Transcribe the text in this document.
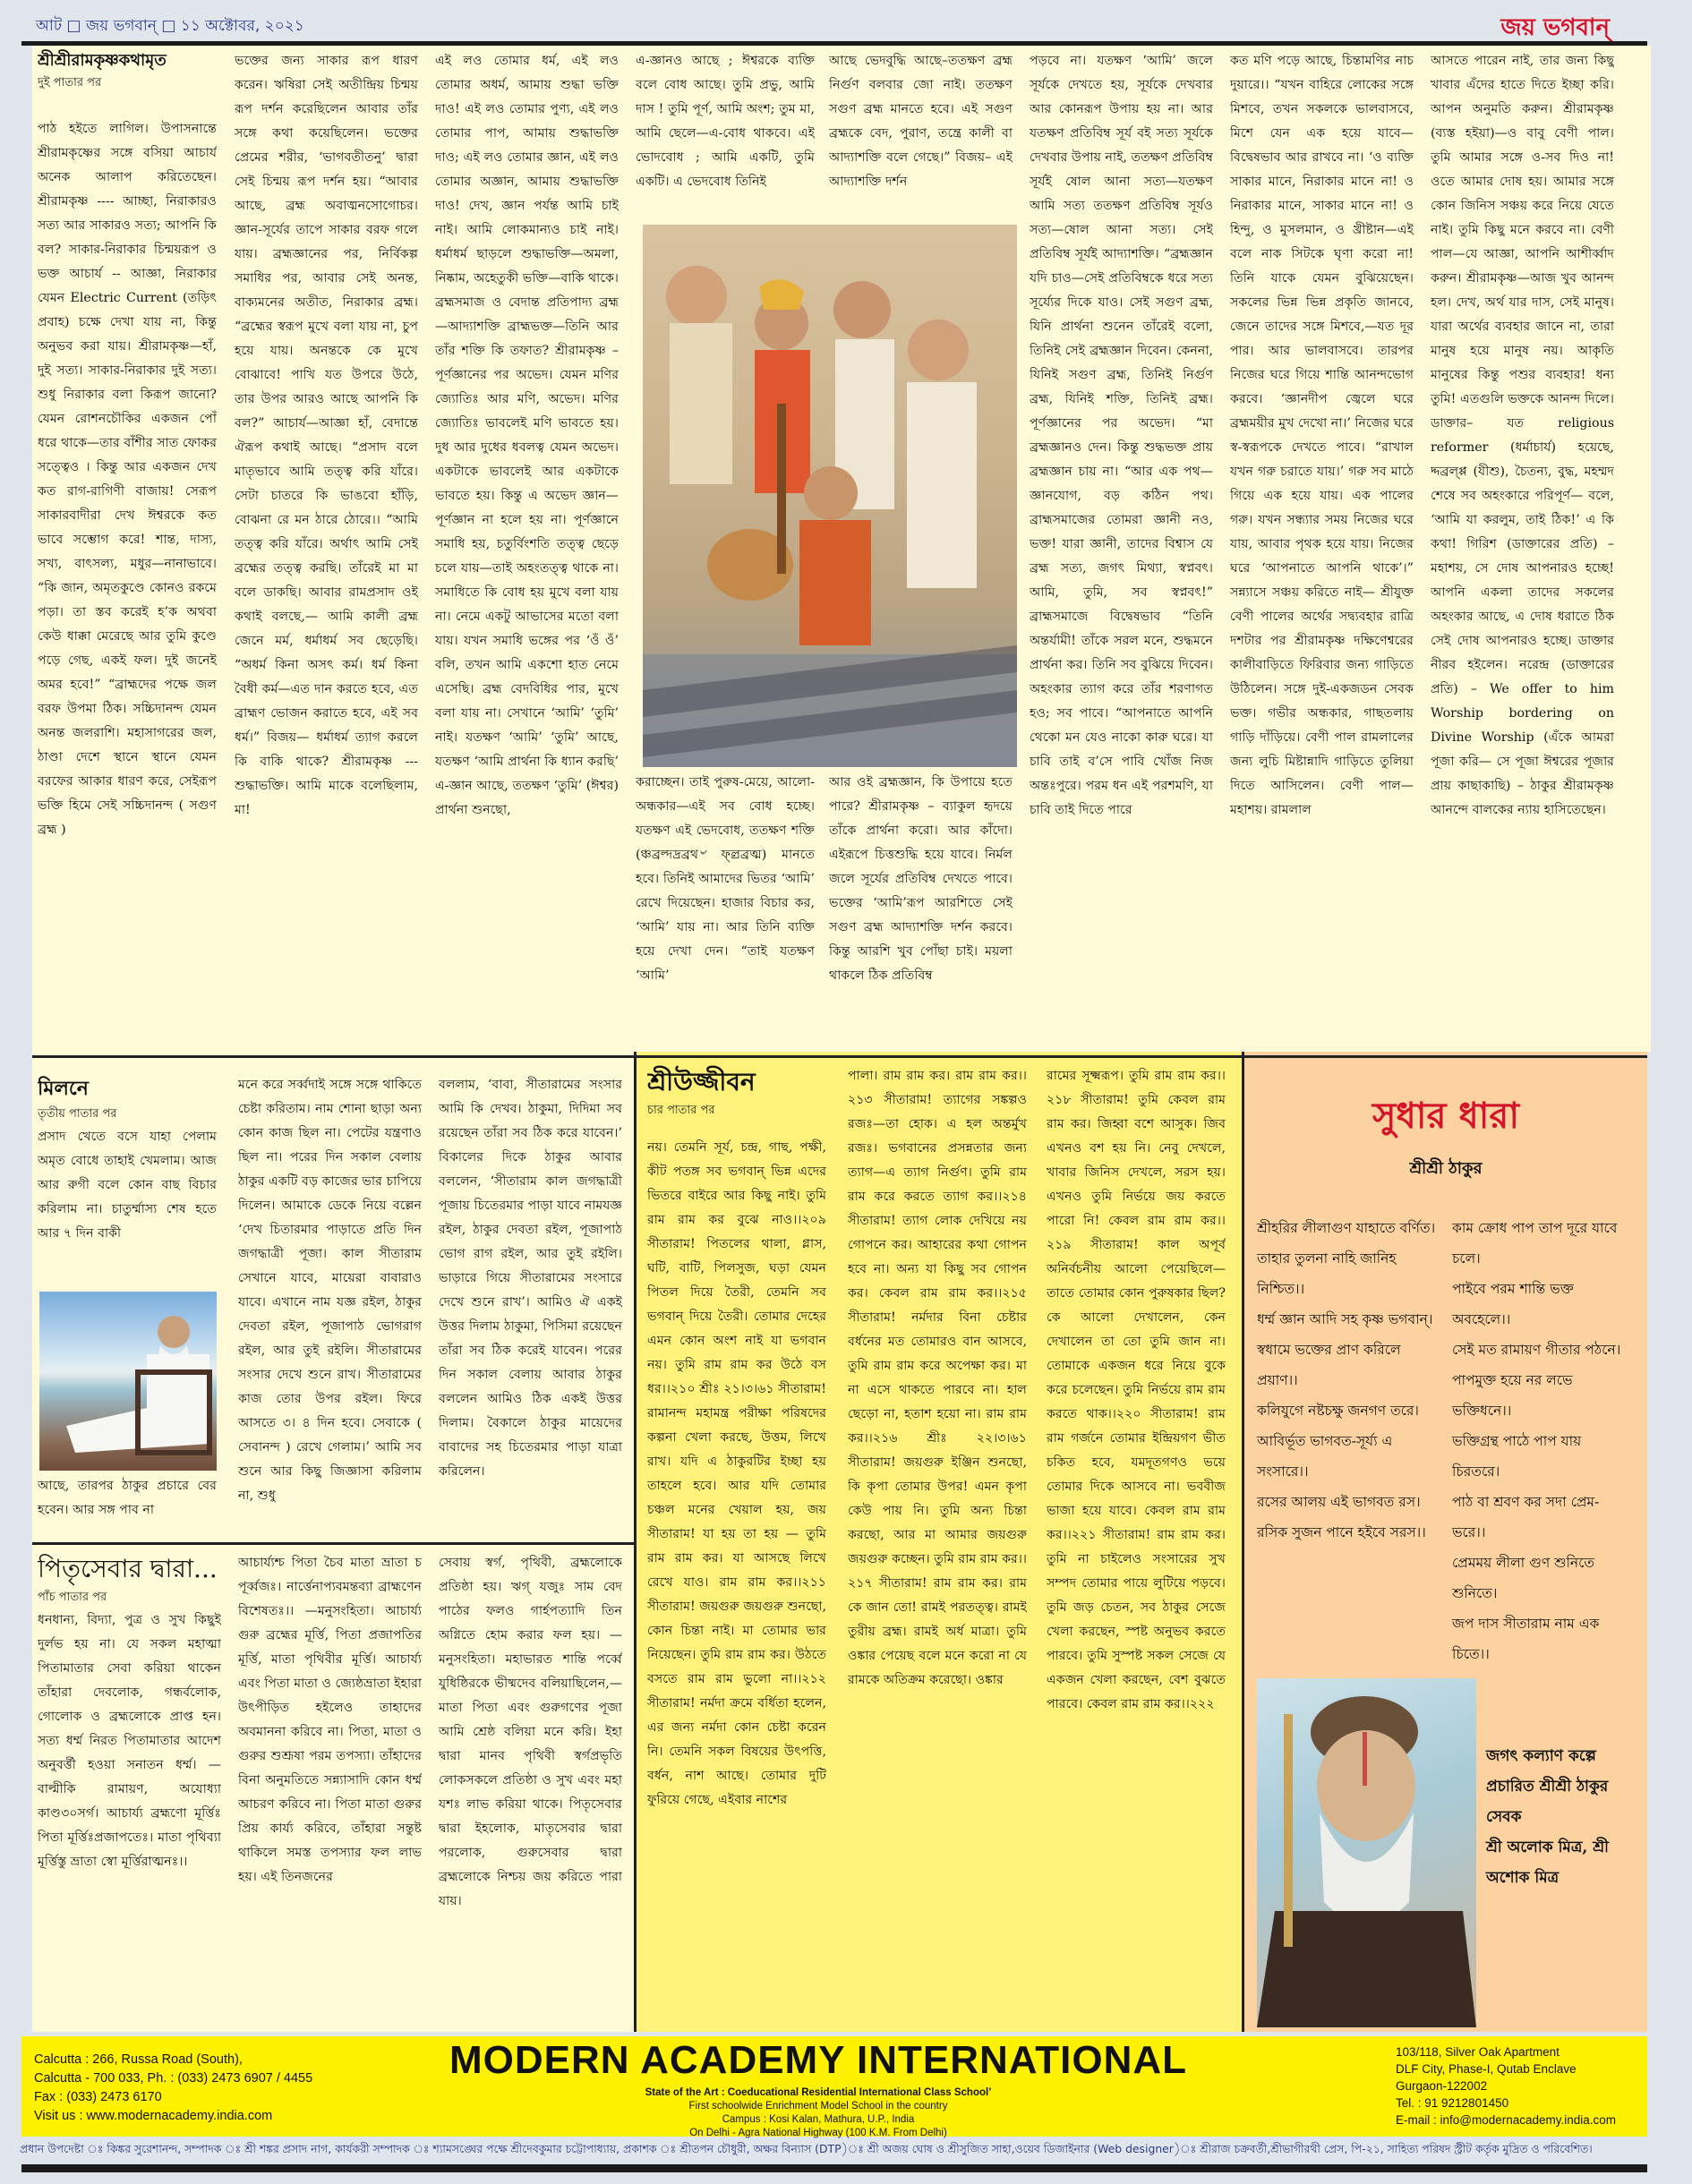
আট □ জয় ভগবান্ □ ১১ অক্টোবর, ২০২১	জয় ভগবান্
শ্রীশ্রীরামকৃষ্ণকথামৃত
দুই পাতার পর

পাঠ হইতে লাগিল। উপাসনান্তে শ্রীরামকৃষ্ণের সঙ্গে বসিয়া আচার্য অনেক আলাপ করিতেছেন। শ্রীরামকৃষ্ণ ---- আচ্ছা, নিরাকারও সত্য আর সাকারও সত্য; আপনি কি বল? সাকার-নিরাকার চিন্ময়রূপ ও ভক্ত আচার্য -- আজ্ঞা, নিরাকার যেমন Electric Current (তড়িৎ প্রবাহ) চক্ষে দেখা যায় না, কিন্তু অনুভব করা যায়। শ্রীরামকৃষ্ণ—হাঁ, দুই সত্য। সাকার-নিরাকার দুই সত্য। শুধু নিরাকার বলা কিরূপ জানো? যেমন রোশনচৌকির একজন পোঁ ধরে থাকে—তার বাঁশীর সাত ফোকর সত্ত্বেও । কিন্তু আর একজন দেখ কত রাগ-রাগিণী বাজায়! সেরূপ সাকারবাদীরা দেখ ঈশ্বরকে কত ভাবে সম্ভোগ করে! শান্ত, দাস্য, সখ্য, বাৎসল্য, মধুর—নানাভাবে। “কি জান, অমৃতকুণ্ডে কোনও রকমে পড়া। তা স্তব করেই হ’ক অথবা কেউ ধাক্কা মেরেছে আর তুমি কুণ্ডে পড়ে গেছ, একই ফল। দুই জনেই অমর হবে!” “ব্রাহ্মদের পক্ষে জল বরফ উপমা ঠিক। সচ্চিদানন্দ যেমন অনন্ত জলরাশি। মহাসাগরের জল, ঠাণ্ডা দেশে স্থানে স্থানে যেমন বরফের আকার ধারণ করে, সেইরূপ ভক্তি হিমে সেই সচ্চিদানন্দ ( সগুণ ব্রহ্ম )

ভক্তের জন্য সাকার রূপ ধারণ করেন। ঋষিরা সেই অতীন্দ্রিয় চিন্ময় রূপ দর্শন করেছিলেন আবার তাঁর সঙ্গে কথা কয়েছিলেন। ভক্তের প্রেমের শরীর, ‘ভাগবতীতনু’ দ্বারা সেই চিন্ময় রূপ দর্শন হয়। “আবার আছে, ব্রহ্ম অবাঙ্মনসোগোচর। জ্ঞান-সূর্যের তাপে সাকার বরফ গলে যায়। ব্রহ্মজ্ঞানের পর, নির্বিকল্প সমাধির পর, আবার সেই অনন্ত, বাক্যমনের অতীত, নিরাকার ব্রহ্ম। “ব্রহ্মের স্বরূপ মুখে বলা যায় না, চুপ হয়ে যায়। অনন্তকে কে মুখে বোঝাবে! পাখি যত উপরে উঠে, তার উপর আরও আছে আপনি কি বল?” আচার্য—আজ্ঞা হাঁ, বেদান্তে ঐরূপ কথাই আছে। “প্রসাদ বলে মাতৃভাবে আমি তত্ত্ব করি যাঁরে। সেটা চাতরে কি ভাঙবো হাঁড়ি, বোঝনা রে মন ঠারে ঠোরে।। “আমি তত্ত্ব করি যাঁরে। অর্থাৎ আমি সেই ব্রহ্মের তত্ত্ব করছি। তাঁরেই মা মা বলে ডাকছি। আবার রামপ্রসাদ ওই কথাই বলছে,— আমি কালী ব্রহ্ম জেনে মর্ম, ধর্মাধর্ম সব ছেড়েছি। “অধর্ম কিনা অসৎ কর্ম। ধর্ম কিনা বৈধী কর্ম—এত দান করতে হবে, এত ব্রাহ্মণ ভোজন করাতে হবে, এই সব ধর্ম।” বিজয়— ধর্মাধর্ম ত্যাগ করলে কি বাকি থাকে? শ্রীরামকৃষ্ণ --- শুদ্ধাভক্তি। আমি মাকে বলেছিলাম, মা!

এই লও তোমার ধর্ম, এই লও তোমার অধর্ম, আমায় শুদ্ধা ভক্তি দাও! এই লও তোমার পুণ্য, এই লও তোমার পাপ, আমায় শুদ্ধাভক্তি দাও; এই লও তোমার জ্ঞান, এই লও তোমার অজ্ঞান, আমায় শুদ্ধাভক্তি দাও! দেখ, জ্ঞান পর্যন্ত আমি চাই নাই। আমি লোকমান্যও চাই নাই। ধর্মাধর্ম ছাড়লে শুদ্ধাভক্তি—অমলা, নিষ্কাম, অহেতুকী ভক্তি—বাকি থাকে। ব্রহ্মসমাজ ও বেদান্ত প্রতিপাদ্য ব্রহ্ম—আদ্যাশক্তি ব্রাহ্মভক্ত—তিনি আর তাঁর শক্তি কি তফাত? শ্রীরামকৃষ্ণ – পূর্ণজ্ঞানের পর অভেদ। যেমন মণির জ্যোতিঃ আর মণি, অভেদ। মণির জ্যোতিঃ ভাবলেই মণি ভাবতে হয়। দুধ আর দুধের ধবলত্ব যেমন অভেদ। একটাকে ভাবলেই আর একটাকে ভাবতে হয়। কিন্তু এ অভেদ জ্ঞান—পূর্ণজ্ঞান না হলে হয় না। পূর্ণজ্ঞানে সমাধি হয়, চতুর্বিংশতি তত্ত্ব ছেড়ে চলে যায়—তাই অহংতত্ত্ব থাকে না। সমাধিতে কি বোধ হয় মুখে বলা যায় না। নেমে একটু আভাসের মতো বলা যায়। যখন সমাধি ভঙ্গের পর ‘ওঁ ওঁ’ বলি, তখন আমি একশো হাত নেমে এসেছি। ব্রহ্ম বেদবিধির পার, মুখে বলা যায় না। সেখানে ‘আমি’ ‘তুমি’ নাই। যতক্ষণ ‘আমি’ ‘তুমি’ আছে, যতক্ষণ ‘আমি প্রার্থনা কি ধ্যান করছি’ এ-জ্ঞান আছে, ততক্ষণ ‘তুমি’ (ঈশ্বর) প্রার্থনা শুনছো,

এ-জ্ঞানও আছে ; ঈশ্বরকে ব্যক্তি বলে বোধ আছে। তুমি প্রভু, আমি দাস ! তুমি পূর্ণ, আমি অংশ; তুম মা, আমি ছেলে—এ-বোধ থাকবে। এই ভোদবোধ ; আমি একটি, তুমি একটি। এ ভেদবোধ তিনিই

আছে ভেদবুদ্ধি আছে–ততক্ষণ ব্রহ্ম নির্গুণ বলবার জো নাই। ততক্ষণ সগুণ ব্রহ্ম মানতে হবে। এই সগুণ ব্রহ্মকে বেদ, পুরাণ, তন্ত্রে কালী বা আদ্যাশক্তি বলে গেছে।” বিজয়– এই আদ্যাশক্তি দর্শন

করাচ্ছেন। তাই পুরুষ-মেয়ে, আলো-অন্ধকার—এই সব বোধ হচ্ছে। যতক্ষণ এই ভেদবোধ, ততক্ষণ শক্তি (ঞ্চব্রল্দদ্রব্রথ৺ ফ্ল্রব্রত্ম) মানতে হবে। তিনিই আমাদের ভিতর ‘আমি’ রেখে দিয়েছেন। হাজার বিচার কর, ‘আমি’ যায় না। আর তিনি ব্যক্তি হয়ে দেখা দেন। “তাই যতক্ষণ ‘আমি’

আর ওই ব্রহ্মজ্ঞান, কি উপায়ে হতে পারে? শ্রীরামকৃষ্ণ – ব্যাকুল হৃদয়ে তাঁকে প্রার্থনা করো। আর কাঁদো। এইরূপে চিত্তশুদ্ধি হয়ে যাবে। নির্মল জলে সূর্যের প্রতিবিম্ব দেখতে পাবে। ভক্তের ‘আমি’রূপ আরশিতে সেই সগুণ ব্রহ্ম আদ্যাশক্তি দর্শন করবে। কিন্তু আরশি খুব পোঁছা চাই। ময়লা থাকলে ঠিক প্রতিবিম্ব

পড়বে না। যতক্ষণ ‘আমি’ জলে সূর্যকে দেখতে হয়, সূর্যকে দেখবার আর কোনরূপ উপায় হয় না। আর যতক্ষণ প্রতিবিম্ব সূর্য বই সত্য সূর্যকে দেখবার উপায় নাই, ততক্ষণ প্রতিবিম্ব সূর্যই ষোল আনা সত্য—যতক্ষণ আমি সত্য ততক্ষণ প্রতিবিম্ব সূর্যও সত্য—ষোল আনা সত্য। সেই প্রতিবিম্ব সূর্যই আদ্যাশক্তি। “ব্রহ্মজ্ঞান যদি চাও—সেই প্রতিবিম্বকে ধরে সত্য সূর্য্যের দিকে যাও। সেই সগুণ ব্রহ্ম, যিনি প্রার্থনা শুনেন তাঁরেই বলো, তিনিই সেই ব্রহ্মজ্ঞান দিবেন। কেননা, যিনিই সগুণ ব্রহ্ম, তিনিই নির্গুণ ব্রহ্ম, যিনিই শক্তি, তিনিই ব্রহ্ম। পূর্ণজ্ঞানের পর অভেদ। “মা ব্রহ্মজ্ঞানও দেন। কিন্তু শুদ্ধভক্ত প্রায় ব্রহ্মজ্ঞান চায় না। “আর এক পথ—জ্ঞানযোগ, বড় কঠিন পথ। ব্রাহ্মসমাজের তোমরা জ্ঞানী নও, ভক্ত! যারা জ্ঞানী, তাদের বিশ্বাস যে ব্রহ্ম সত্য, জগৎ মিথ্যা, স্বপ্নবৎ। আমি, তুমি, সব স্বপ্নবৎ!” ব্রাহ্মসমাজে বিদ্বেষভাব “তিনি অন্তর্যামী! তাঁকে সরল মনে, শুদ্ধমনে প্রার্থনা কর। তিনি সব বুঝিয়ে দিবেন। অহংকার ত্যাগ করে তাঁর শরণাগত হও; সব পাবে। “আপনাতে আপনি থেকো মন যেও নাকো কারু ঘরে। যা চাবি তাই ব’সে পাবি খোঁজ নিজ অন্তঃপুরে। পরম ধন এই পরশমণি, যা চাবি তাই দিতে পারে

কত মণি পড়ে আছে, চিন্তামণির নাচ দুয়ারে।। “যখন বাহিরে লোকের সঙ্গে মিশবে, তখন সকলকে ভালবাসবে, মিশে যেন এক হয়ে যাবে—বিদ্বেষভাব আর রাখবে না। ‘ও ব্যক্তি সাকার মানে, নিরাকার মানে না! ও নিরাকার মানে, সাকার মানে না! ও হিন্দু, ও মুসলমান, ও খ্রীষ্টান—এই বলে নাক সিটকে ঘৃণা করো না! তিনি যাকে যেমন বুঝিয়েছেন। সকলের ভিন্ন ভিন্ন প্রকৃতি জানবে, জেনে তাদের সঙ্গে মিশবে,—যত দূর পার। আর ভালবাসবে। তারপর নিজের ঘরে গিয়ে শান্তি আনন্দভোগ করবে। ‘জ্ঞানদীপ জ্বেলে ঘরে ব্রহ্মময়ীর মুখ দেখো না।’ নিজের ঘরে স্ব-স্বরূপকে দেখতে পাবে। “রাখাল যখন গরু চরাতে যায়।’ গরু সব মাঠে গিয়ে এক হয়ে যায়। এক পালের গরু। যখন সন্ধ্যার সময় নিজের ঘরে যায়, আবার পৃথক হয়ে যায়। নিজের ঘরে ‘আপনাতে আপনি থাকে’।” সন্ন্যাসে সঞ্চয় করিতে নাই— শ্রীযুক্ত বেণী পালের অর্থের সদ্ব্যবহার রাত্রি দশটার পর শ্রীরামকৃষ্ণ দক্ষিণেশ্বরের কালীবাড়িতে ফিরিবার জন্য গাড়িতে উঠিলেন। সঙ্গে দুই-একজডন সেবক ভক্ত। গভীর অন্ধকার, গাছতলায় গাড়ি দাঁড়িয়ে। বেণী পাল রামলালের জন্য লুচি মিষ্টান্নাদি গাড়িতে তুলিয়া দিতে আসিলেন। বেণী পাল—মহাশয়। রামলাল

আসতে পারেন নাই, তার জন্য কিছু খাবার এঁদের হাতে দিতে ইচ্ছা করি। আপন অনুমতি করুন। শ্রীরামকৃষ্ণ (ব্যস্ত হইয়া)—ও বাবু বেণী পাল। তুমি আমার সঙ্গে ও-সব দিও না! ওতে আমার দোষ হয়। আমার সঙ্গে কোন জিনিস সঞ্চয় করে নিয়ে যেতে নাই। তুমি কিছু মনে করবে না। বেণী পাল—যে আজ্ঞা, আপনি আশীর্ব্বাদ করুন। শ্রীরামকৃষ্ণ—আজ খুব আনন্দ হল। দেখ, অর্থ যার দাস, সেই মানুষ। যারা অর্থের ব্যবহার জানে না, তারা মানুষ হয়ে মানুষ নয়। আকৃতি মানুষের কিন্তু পশুর ব্যবহার! ধন্য তুমি! এতগুলি ভক্তকে আনন্দ দিলে।ডাক্তার– যত religious reformer (ধর্মাচার্য) হয়েছে, দ্দব্রল্প্প (যীশু), চৈতন্য, বুদ্ধ, মহম্মদ শেষে সব অহংকারে পরিপূর্ণ— বলে, ‘আমি যা করলুম, তাই ঠিক!’ এ কি কথা! গিরিশ (ডাক্তারের প্রতি) – মহাশয়, সে দোষ আপনারও হচ্ছে! আপনি একলা তাদের সকলের অহংকার আছে, এ দোষ ধরাতে ঠিক সেই দোষ আপনারও হচ্ছে। ডাক্তার নীরব হইলেন। নরেন্দ্র (ডাক্তারের প্রতি) – We offer to him Worship bordering on Divine Worship (এঁকে আমরা পূজা করি— সে পূজা ঈশ্বরের পূজার প্রায় কাছাকাছি) – ঠাকুর শ্রীরামকৃষ্ণ আনন্দে বালকের ন্যায় হাসিতেছেন।

মিলনে
তৃতীয় পাতার পর

প্রসাদ খেতে বসে যাহা পেলাম অমৃত বোধে তাহাই খেমলাম। আজ আর রুগী বলে কোন বাছ বিচার করিলাম না। চাতুর্ম্মাস্য শেষ হতে আর ৭ দিন বাকী

আছে, তারপর ঠাকুর প্রচারে বের হবেন। আর সঙ্গ পাব না

মনে করে সর্ব্বদাই সঙ্গে সঙ্গে থাকিতে চেষ্টা করিতাম। নাম শোনা ছাড়া অন্য কোন কাজ ছিল না। পেটের যন্ত্রণাও ছিল না। পরের দিন সকাল বেলায় ঠাকুর একটি বড় কাজের ভার চাপিয়ে দিলেন। আমাকে ডেকে নিয়ে বল্লেন ‘দেখ চিতারমার পাড়াতে প্রতি দিন জগদ্ধাত্রী পূজা। কাল সীতারাম সেখানে যাবে, মায়েরা বাবারাও যাবে। এখানে নাম যজ্ঞ রইল, ঠাকুর দেবতা রইল, পূজাপাঠ ভোগরাগ রইল, আর তুই রইলি। সীতারামের সংসার দেখে শুনে রাখ। সীতারামের কাজ তোর উপর রইল। ফিরে আসতে ৩। ৪ দিন হবে। সেবাকে ( সেবানন্দ ) রেখে গেলাম।’ আমি সব শুনে আর কিছু জিজ্ঞাসা করিলাম না, শুধু

বললাম, ‘বাবা, সীতারামের সংসার আমি কি দেখব। ঠাকুমা, দিদিমা সব রয়েছেন তাঁরা সব ঠিক করে যাবেন।’ বিকালের দিকে ঠাকুর আবার বললেন, ‘সীতারাম কাল জগদ্ধাত্রী পূজায় চিতেরমার পাড়া যাবে নামযজ্ঞ রইল, ঠাকুর দেবতা রইল, পূজাপাঠ ভোগ রাগ রইল, আর তুই রইলি। ভাড়ারে গিয়ে সীতারামের সংসারে দেখে শুনে রাখ’। আমিও ঐ একই উত্তর দিলাম ঠাকুমা, পিসিমা রয়েছেন তাঁরা সব ঠিক করেই যাবেন। পরের দিন সকাল বেলায় আবার ঠাকুর বললেন আমিও ঠিক একই উত্তর দিলাম। বৈকালে ঠাকুর মায়েদের বাবাদের সহ চিতেরমার পাড়া যাত্রা করিলেন।

পিতৃসেবার দ্বারা...
পাঁচ পাতার পর

ধনধান্য, বিদ্যা, পুত্র ও সুখ কিছুই দুর্লভ হয় না। যে সকল মহাত্মা পিতামাতার সেবা করিয়া থাকেন তাঁহারা দেবলোক, গন্ধর্বলোক, গোলোক ও ব্রহ্মলোকে প্রাপ্ত হন। সত্য ধর্ম্ম নিরত পিতামাতার আদেশ অনুবর্ত্তী হওয়া সনাতন ধর্ম্ম। —বাল্মীকি রামায়ণ, অযোধ্যা কাণ্ড৩০সর্গ। আচার্য্য ব্রহ্মণো মূর্ত্তিঃ পিতা মূর্ত্তিঃপ্রজাপতেঃ। মাতা পৃথিব্যা মূর্ত্তিস্তু ভ্রাতা স্বো মূর্ত্তিরাত্মনঃ।।

আচার্য্যশ্চ পিতা চৈব মাতা ভ্রাতা চ পূর্ব্বজঃ। নার্ত্তেনাপ্যবমন্তব্যা ব্রাহ্মণেন বিশেষতঃ।। —মনুসংহিতা। আচার্য্য গুরু ব্রহ্মের মূর্ত্তি, পিতা প্রজাপতির মূর্ত্তি, মাতা পৃথিবীর মূর্ত্তি। আচার্য্য এবং পিতা মাতা ও জ্যেষ্ঠভ্রাতা ইহারা উৎপীড়িত হইলেও তাহাদের অবমাননা করিবে না। পিতা, মাতা ও গুরুর শুশ্রূষা পরম তপস্যা। তাঁহাদের বিনা অনুমতিতে সন্ন্যাসাদি কোন ধর্ম্ম আচরণ করিবে না। পিতা মাতা গুরুর প্রিয় কার্য্য করিবে, তাঁহারা সন্তুষ্ট থাকিলে সমস্ত তপস্যার ফল লাভ হয়। এই তিনজনের

সেবায় স্বর্গ, পৃথিবী, ব্রহ্মলোকে প্রতিষ্ঠা হয়। ঋগ্ যজুঃ সাম বেদ পাঠের ফলও গার্হপত্যাদি তিন অগ্নিতে হোম করার ফল হয়। —মনুসংহিতা। মহাভারত শান্তি পর্ব্বে যুধিষ্ঠিরকে ভীষ্মদেব বলিয়াছিলেন,— মাতা পিতা এবং গুরুগণের পূজা আমি শ্রেষ্ঠ বলিয়া মনে করি। ইহা দ্বারা মানব পৃথিবী স্বর্গপ্রভৃতি লোকসকলে প্রতিষ্ঠা ও সুখ এবং মহা যশঃ লাভ করিয়া থাকে। পিতৃসেবার দ্বারা ইহলোক, মাতৃসেবার দ্বারা পরলোক, গুরুসেবার দ্বারা ব্রহ্মলোকে নিশ্চয় জয় করিতে পারা যায়।

শ্রীউজ্জীবন
চার পাতার পর

নয়। তেমনি সূর্য, চন্দ্র, গাছ, পক্ষী, কীট পতঙ্গ সব ভগবান্ ভিন্ন এদের ভিতরে বাইরে আর কিছু নাই। তুমি রাম রাম কর বুঝে নাও।।২০৯ সীতারাম! পিতলের থালা, গ্লাস, ঘটি, বাটি, পিলসুজ, ঘড়া যেমন পিতল দিয়ে তৈরী, তেমনি সব ভগবান্ দিয়ে তৈরী। তোমার দেহের এমন কোন অংশ নাই যা ভগবান নয়। তুমি রাম রাম কর উঠে বস ধর।।২১০ শ্রীঃ ২১।৩।৬১ সীতারাম! রামানন্দ মহামন্ত্র পরীক্ষা পরিষদের কল্পনা খেলা করছে, উত্তম, লিখে রাখ। যদি এ ঠাকুরটির ইচ্ছা হয় তাহলে হবে। আর যদি তোমার চঞ্চল মনের খেয়াল হয়, জয় সীতারাম! যা হয় তা হয় — তুমি রাম রাম কর। যা আসছে লিখে রেখে যাও। রাম রাম কর।।২১১ সীতারাম! জয়গুরু জয়গুরু শুনছো, কোন চিন্তা নাই। মা তোমার ভার নিয়েছেন। তুমি রাম রাম কর। উঠতে বসতে রাম রাম ভুলো না।।২১২ সীতারাম! নর্মদা ক্রমে বর্ধিতা হলেন, এর জন্য নর্মদা কোন চেষ্টা করেন নি। তেমনি সকল বিষয়ের উৎপত্তি, বর্ধন, নাশ আছে। তোমার দুটি ফুরিয়ে গেছে, এইবার নাশের

পালা। রাম রাম কর। রাম রাম কর।।২১৩ সীতারাম! ত্যাগের সঙ্কল্পও রজঃ—তা হোক। এ হল অন্তর্মুখ রজঃ। ভগবানের প্রসন্নতার জন্য ত্যাগ—এ ত্যাগ নির্গুণ। তুমি রাম রাম করে করতে ত্যাগ কর।।২১৪ সীতারাম! ত্যাগ লোক দেখিয়ে নয় গোপনে কর। আহারের কথা গোপন হবে না। অন্য যা কিছু সব গোপন কর। কেবল রাম রাম কর।।২১৫ সীতারাম! নর্মদার বিনা চেষ্টার বর্ধনের মত তোমারও বান আসবে, তুমি রাম রাম করে অপেক্ষা কর। মা না এসে থাকতে পারবে না। হাল ছেড়ো না, হতাশ হয়ো না। রাম রাম কর।।২১৬ শ্রীঃ ২২।৩।৬১ সীতারাম! জয়গুরু ইঞ্জিন শুনছো, কি কৃপা তোমার উপর! এমন কৃপা কেউ পায় নি। তুমি অন্য চিন্তা করছো, আর মা আমার জয়গুরু জয়গুরু কচ্ছেন। তুমি রাম রাম কর।।২১৭ সীতারাম! রাম রাম কর। রাম কে জান তো! রামই পরতত্ত্ব। রামই তুরীয় ব্রহ্ম। রামই অর্ধ মাত্রা। তুমি ওঙ্কার পেয়েছ বলে মনে করো না যে রামকে অতিক্রম করেছো। ওঙ্কার

রামের সূক্ষ্মরূপ। তুমি রাম রাম কর।।২১৮ সীতারাম! তুমি কেবল রাম রাম কর। জিহ্বা বশে আসুক। জিব এখনও বশ হয় নি। নেবু দেখলে, খাবার জিনিস দেখলে, সরস হয়। এখনও তুমি নির্ভয়ে জয় করতে পারো নি! কেবল রাম রাম কর।।২১৯ সীতারাম! কাল অপূর্ব অনির্বচনীয় আলো পেয়েছিলে—তাতে তোমার কোন পুরুষকার ছিল? কে আলো দেখালেন, কেন দেখালেন তা তো তুমি জান না। তোমাকে একজন ধরে নিয়ে বুকে করে চলেছেন। তুমি নির্ভয়ে রাম রাম করতে থাক।।২২০ সীতারাম! রাম রাম গর্জনে তোমার ইন্দ্রিয়গণ ভীত চকিত হবে, যমদূতগণও ভয়ে তোমার দিকে আসবে না। ভববীজ ভাজা হয়ে যাবে। কেবল রাম রাম কর।।২২১ সীতারাম! রাম রাম কর। তুমি না চাইলেও সংসারের সুখ সম্পদ তোমার পায়ে লুটিয়ে পড়বে। তুমি জড় চেতন, সব ঠাকুর সেজে খেলা করছেন, স্পষ্ট অনুভব করতে পারবে। তুমি সুস্পষ্ট সকল সেজে যে একজন খেলা করছেন, বেশ বুঝতে পারবে। কেবল রাম রাম কর।।২২২

সুধার ধারা
শ্রীশ্রী ঠাকুর
শ্রীহরির লীলাগুণ যাহাতে বর্ণিত।
তাহার তুলনা নাহি জানিহ নিশ্চিত।।
ধর্ম্ম জ্ঞান আদি সহ কৃষ্ণ ভগবান্।
স্বধামে ভক্তের প্রাণ করিলে প্রয়াণ।।
কলিযুগে নষ্টচক্ষু জনগণ তরে।
আবির্ভূত ভাগবত-সূর্য্য এ সংসারে।।
রসের আলয় এই ভাগবত রস।
রসিক সুজন পানে হইবে সরস।।
কাম ক্রোধ পাপ তাপ দূরে যাবে চলে।
পাইবে পরম শান্তি ভক্ত অবহেলে।।
সেই মত রামায়ণ গীতার পঠনে।
পাপমুক্ত হয়ে নর লভে ভক্তিধনে।।
ভক্তিগ্রন্থ পাঠে পাপ যায় চিরতরে।
পাঠ বা শ্রবণ কর সদা প্রেম-ভরে।।
প্রেমময় লীলা গুণ শুনিতে শুনিতে।
জপ দাস সীতারাম নাম এক চিতে।।
জগৎ কল্যাণ কল্পে
প্রচারিত শ্রীশ্রী ঠাকুর
সেবক
শ্রী অলোক মিত্র, শ্রী
অশোক মিত্র
Calcutta : 266, Russa Road (South),
Calcutta - 700 033, Ph. : (033) 2473 6907 / 4455
Fax : (033) 2473 6170
Visit us : www.modernacademy.india.com
MODERN ACADEMY INTERNATIONAL
State of the Art : Coeducational Residential International Class School’
First schoolwide Enrichment Model School in the country
Campus : Kosi Kalan, Mathura, U.P., India
On Delhi - Agra National Highway (100 K.M. From Delhi)
103/118, Silver Oak Apartment
DLF City, Phase-I, Qutab Enclave
Gurgaon-122002
Tel. : 91 9212801450
E-mail : info@modernacademy.india.com
প্রধান উপদেষ্টা ঃ কিঙ্কর সুরেশানন্দ, সম্পাদক ঃ শ্রী শঙ্কর প্রসাদ নাগ, কার্যকরী সম্পাদক ঃ শ্যামসঙ্ঘের পক্ষে শ্রীদেবকুমার চট্টোপাধ্যায়, প্রকাশক ঃ শ্রীতপন চৌধুরী, অক্ষর বিন্যাস (DTP)ঃ শ্রী অজয় ঘোষ ও শ্রীসুজিত সাহা,ওয়েব ডিজাইনার (Web designer)ঃ শ্রীরাজ চক্রবর্তী,শ্রীভাগীরথী প্রেস, পি-২১, সাহিত্য পরিষদ স্ট্রীট কর্তৃক মুদ্রিত ও পরিবেশিত।
